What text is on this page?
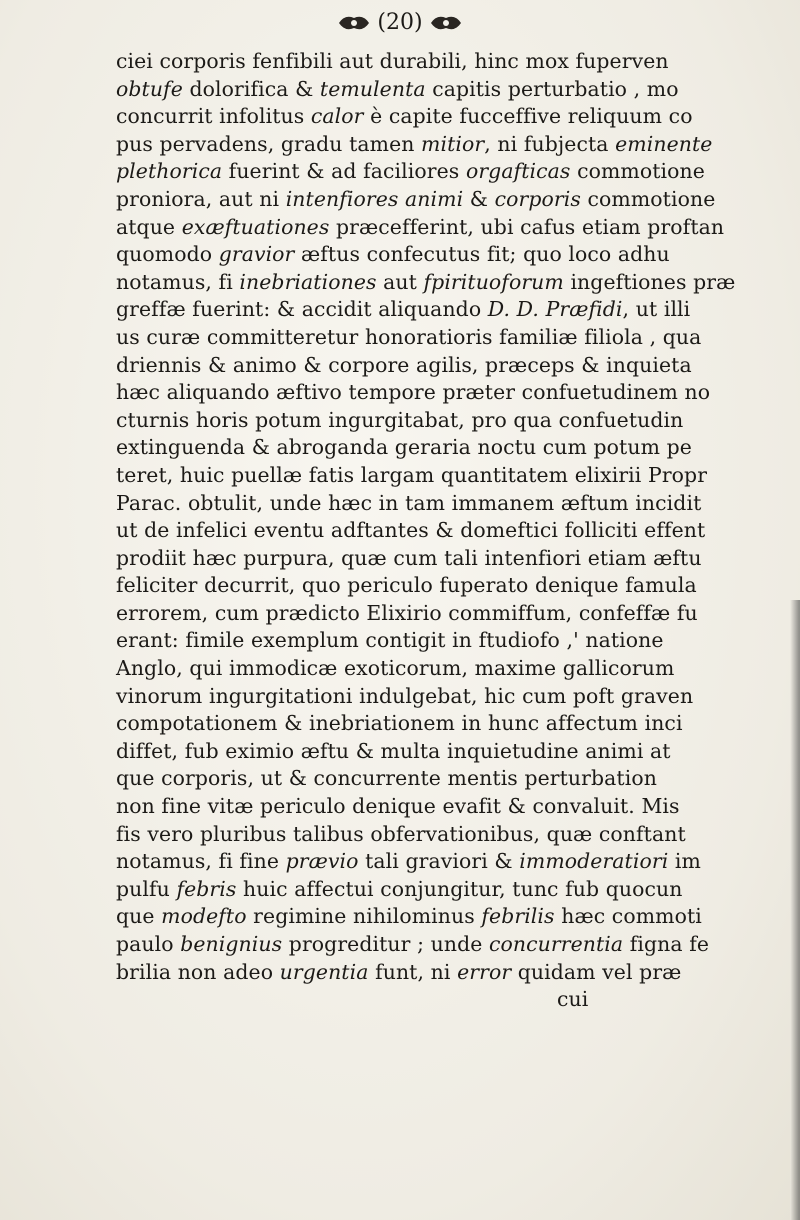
(20)
ciei corporis fenfibili aut durabili, hinc mox fuperven
obtufe dolorifica & temulenta capitis perturbatio , mo
concurrit infolitus calor è capite fucceffive reliquum co
pus pervadens, gradu tamen mitior, ni fubjecta eminente
plethorica fuerint & ad faciliores orgafticas commotione
proniora, aut ni intenfiores animi & corporis commotione
atque exæftuationes præcefferint, ubi cafus etiam proftan
quomodo gravior æftus confecutus fit; quo loco adhu
notamus, fi inebriationes aut fpirituoforum ingeftiones præ
greffæ fuerint: & accidit aliquando D. D. Præfidi, ut illi
us curæ committeretur honoratioris familiæ filiola , qua
driennis & animo & corpore agilis, præceps & inquieta
hæc aliquando æftivo tempore præter confuetudinem no
cturnis horis potum ingurgitabat, pro qua confuetudin
extinguenda & abroganda geraria noctu cum potum pe
teret, huic puellæ fatis largam quantitatem elixirii Propr
Parac. obtulit, unde hæc in tam immanem æftum incidit
ut de infelici eventu adftantes & domeftici folliciti effent
prodiit hæc purpura, quæ cum tali intenfiori etiam æftu
feliciter decurrit, quo periculo fuperato denique famula
errorem, cum prædicto Elixirio commiffum, confeffæ fu
erant: fimile exemplum contigit in ftudiofo ,' natione
Anglo, qui immodicæ exoticorum, maxime gallicorum
vinorum ingurgitationi indulgebat, hic cum poft graven
compotationem & inebriationem in hunc affectum inci
diffet, fub eximio æftu & multa inquietudine animi at
que corporis, ut & concurrente mentis perturbation
non fine vitæ periculo denique evafit & convaluit. Mis
fis vero pluribus talibus obfervationibus, quæ conftant
notamus, fi fine prævio tali graviori & immoderatiori im
pulfu febris huic affectui conjungitur, tunc fub quocun
que modefto regimine nihilominus febrilis hæc commoti
paulo benignius progreditur ; unde concurrentia figna fe
brilia non adeo urgentia funt, ni error quidam vel præ
cui
